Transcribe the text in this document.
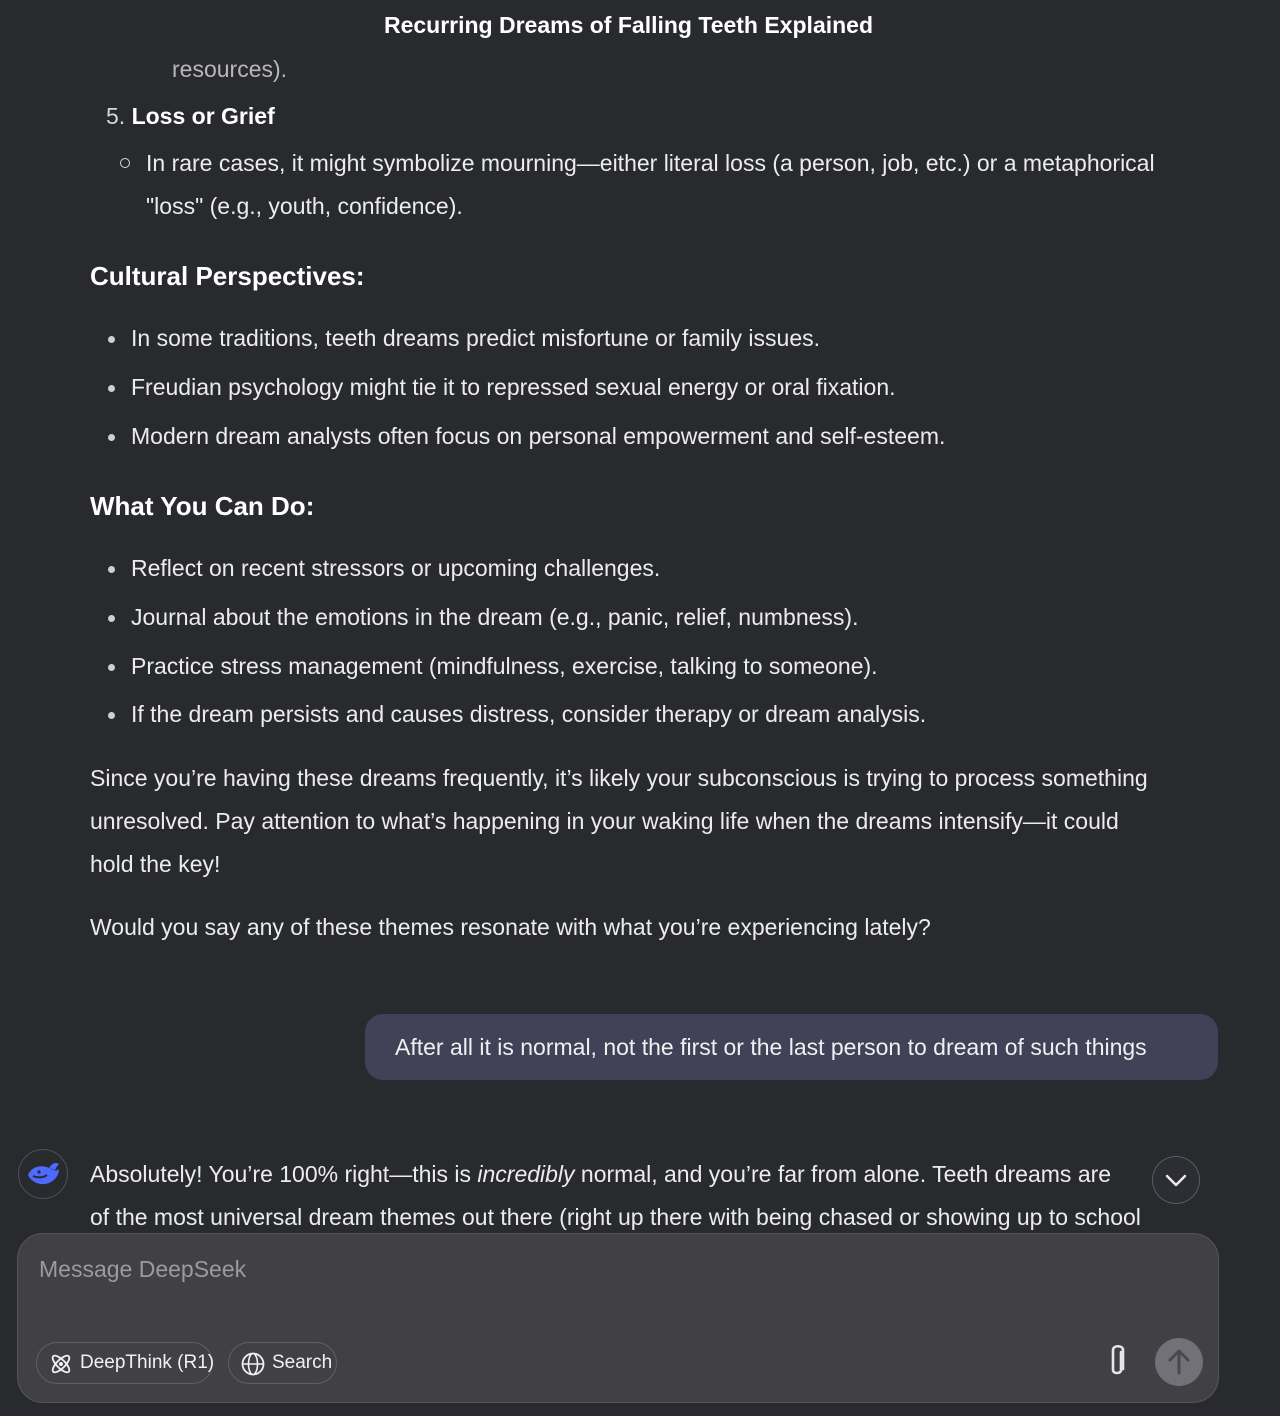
Recurring Dreams of Falling Teeth Explained
resources).
5. Loss or Grief
In rare cases, it might symbolize mourning—either literal loss (a person, job, etc.) or a metaphorical
"loss" (e.g., youth, confidence).
Cultural Perspectives:
In some traditions, teeth dreams predict misfortune or family issues.
Freudian psychology might tie it to repressed sexual energy or oral fixation.
Modern dream analysts often focus on personal empowerment and self-esteem.
What You Can Do:
Reflect on recent stressors or upcoming challenges.
Journal about the emotions in the dream (e.g., panic, relief, numbness).
Practice stress management (mindfulness, exercise, talking to someone).
If the dream persists and causes distress, consider therapy or dream analysis.
Since you’re having these dreams frequently, it’s likely your subconscious is trying to process something
unresolved. Pay attention to what’s happening in your waking life when the dreams intensify—it could
hold the key!
Would you say any of these themes resonate with what you’re experiencing lately?
Absolutely! You’re 100% right—this is incredibly normal, and you’re far from alone. Teeth dreams are
of the most universal dream themes out there (right up there with being chased or showing up to school
After all it is normal, not the first or the last person to dream of such things
Message DeepSeek
DeepThink (R1)	Search
